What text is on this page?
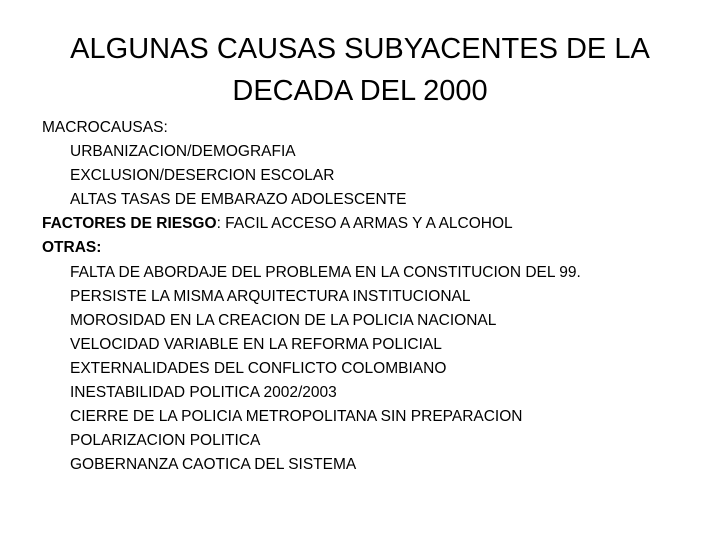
ALGUNAS CAUSAS SUBYACENTES DE LA
DECADA DEL 2000

MACROCAUSAS:

URBANIZACION/DEMOGRAFIA

EXCLUSION/DESERCION ESCOLAR

ALTAS TASAS DE EMBARAZO ADOLESCENTE

FACTORES DE RIESGO: FACIL ACCESO A ARMAS Y A ALCOHOL

OTRAS:

FALTA DE ABORDAJE DEL PROBLEMA EN LA CONSTITUCION DEL 99.

PERSISTE LA MISMA ARQUITECTURA INSTITUCIONAL

MOROSIDAD EN LA CREACION DE LA POLICIA NACIONAL

VELOCIDAD VARIABLE EN LA REFORMA POLICIAL

EXTERNALIDADES DEL CONFLICTO COLOMBIANO

INESTABILIDAD POLITICA 2002/2003

CIERRE DE LA POLICIA METROPOLITANA SIN PREPARACION

POLARIZACION POLITICA

GOBERNANZA CAOTICA DEL SISTEMA
